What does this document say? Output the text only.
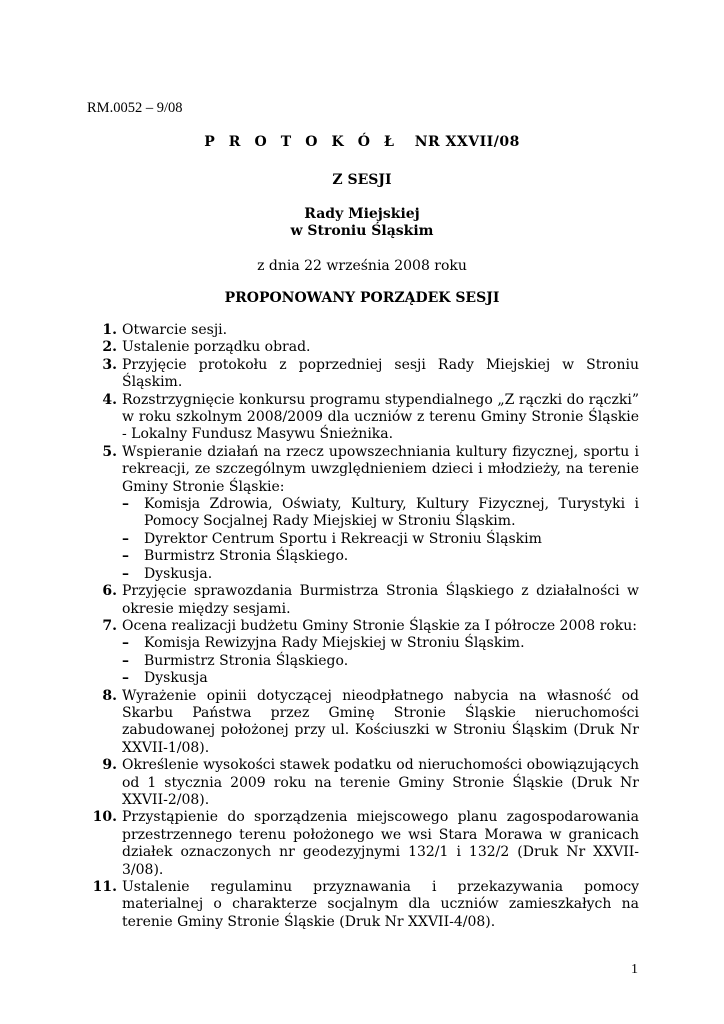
RM.0052 – 9/08
P R O T O K Ó Ł NR XXVII/08
Z SESJI
Rady Miejskiej
w Stroniu Śląskim
z dnia 22 września 2008 roku
PROPONOWANY PORZĄDEK SESJI
1. Otwarcie sesji.
2. Ustalenie porządku obrad.
3. Przyjęcie protokołu z poprzedniej sesji Rady Miejskiej w Stroniu Śląskim.
4. Rozstrzygnięcie konkursu programu stypendialnego „Z rączki do rączki” w roku szkolnym 2008/2009 dla uczniów z terenu Gminy Stronie Śląskie - Lokalny Fundusz Masywu Śnieżnika.
5. Wspieranie działań na rzecz upowszechniania kultury fizycznej, sportu i rekreacji, ze szczególnym uwzględnieniem dzieci i młodzieży, na terenie Gminy Stronie Śląskie:
–	Komisja Zdrowia, Oświaty, Kultury, Kultury Fizycznej, Turystyki i Pomocy Socjalnej Rady Miejskiej w Stroniu Śląskim.
–	Dyrektor Centrum Sportu i Rekreacji w Stroniu Śląskim
–	Burmistrz Stronia Śląskiego.
–	Dyskusja.
6. Przyjęcie sprawozdania Burmistrza Stronia Śląskiego z działalności w okresie między sesjami.
7. Ocena realizacji budżetu Gminy Stronie Śląskie za I półrocze 2008 roku:
–	Komisja Rewizyjna Rady Miejskiej w Stroniu Śląskim.
–	Burmistrz Stronia Śląskiego.
–	Dyskusja
8. Wyrażenie opinii dotyczącej nieodpłatnego nabycia na własność od Skarbu Państwa przez Gminę Stronie Śląskie nieruchomości zabudowanej położonej przy ul. Kościuszki w Stroniu Śląskim (Druk Nr XXVII-1/08).
9. Określenie wysokości stawek podatku od nieruchomości obowiązujących od 1 stycznia 2009 roku na terenie Gminy Stronie Śląskie (Druk Nr XXVII-2/08).
10. Przystąpienie do sporządzenia miejscowego planu zagospodarowania przestrzennego terenu położonego we wsi Stara Morawa w granicach działek oznaczonych nr geodezyjnymi 132/1 i 132/2 (Druk Nr XXVII-3/08).
11. Ustalenie regulaminu przyznawania i przekazywania pomocy materialnej o charakterze socjalnym dla uczniów zamieszkałych na terenie Gminy Stronie Śląskie (Druk Nr XXVII-4/08).
1
